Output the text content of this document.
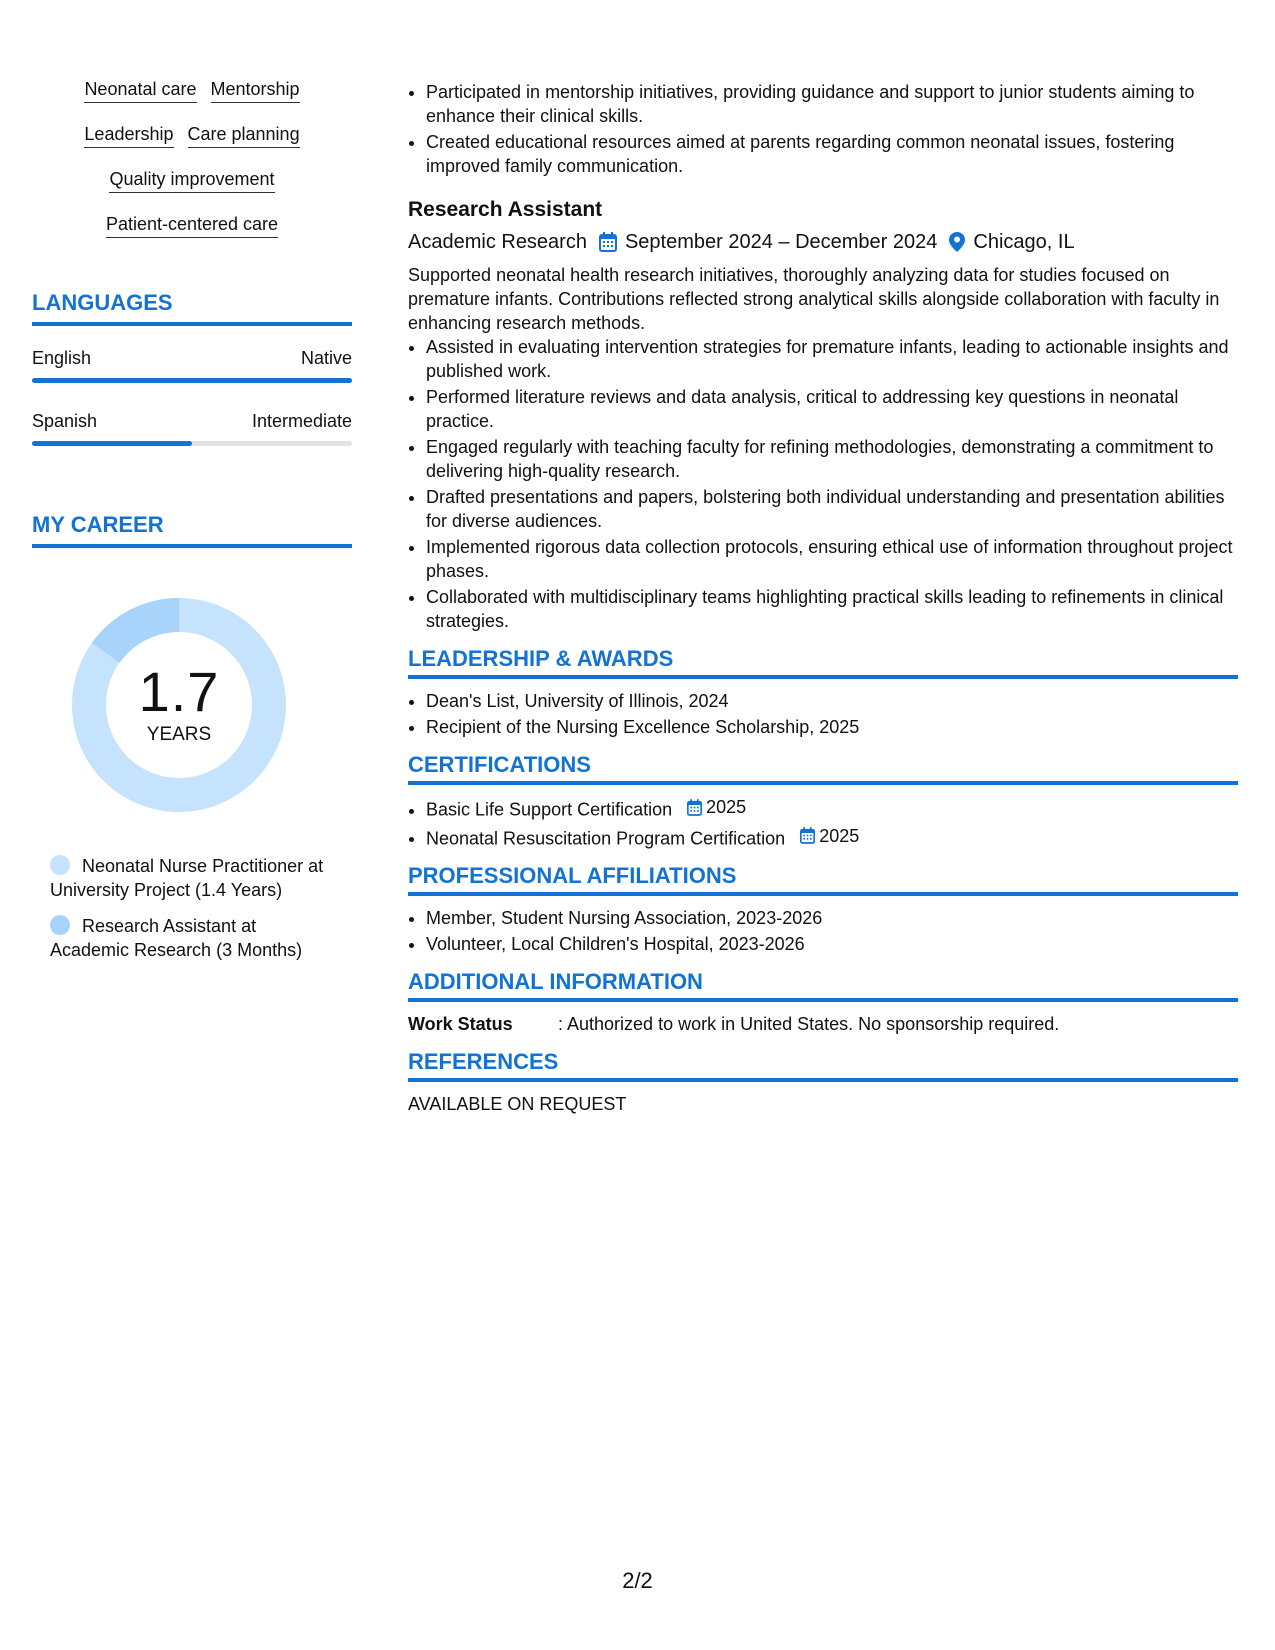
Neonatal care Mentorship
Leadership Care planning
Quality improvement
Patient-centered care
LANGUAGES
English	Native
Spanish	Intermediate
MY CAREER
1.7
YEARS
Neonatal Nurse Practitioner at University Project (1.4 Years)
Research Assistant at Academic Research (3 Months)
• Participated in mentorship initiatives, providing guidance and support to junior students aiming to enhance their clinical skills.
• Created educational resources aimed at parents regarding common neonatal issues, fostering improved family communication.
Research Assistant
Academic Research September 2024 – December 2024 Chicago, IL
Supported neonatal health research initiatives, thoroughly analyzing data for studies focused on premature infants. Contributions reflected strong analytical skills alongside collaboration with faculty in enhancing research methods.
• Assisted in evaluating intervention strategies for premature infants, leading to actionable insights and published work.
• Performed literature reviews and data analysis, critical to addressing key questions in neonatal practice.
• Engaged regularly with teaching faculty for refining methodologies, demonstrating a commitment to delivering high-quality research.
• Drafted presentations and papers, bolstering both individual understanding and presentation abilities for diverse audiences.
• Implemented rigorous data collection protocols, ensuring ethical use of information throughout project phases.
• Collaborated with multidisciplinary teams highlighting practical skills leading to refinements in clinical strategies.
LEADERSHIP & AWARDS
• Dean's List, University of Illinois, 2024
• Recipient of the Nursing Excellence Scholarship, 2025
CERTIFICATIONS
• Basic Life Support Certification 2025
• Neonatal Resuscitation Program Certification 2025
PROFESSIONAL AFFILIATIONS
• Member, Student Nursing Association, 2023-2026
• Volunteer, Local Children's Hospital, 2023-2026
ADDITIONAL INFORMATION
Work Status	: Authorized to work in United States. No sponsorship required.
REFERENCES
AVAILABLE ON REQUEST
2/2
